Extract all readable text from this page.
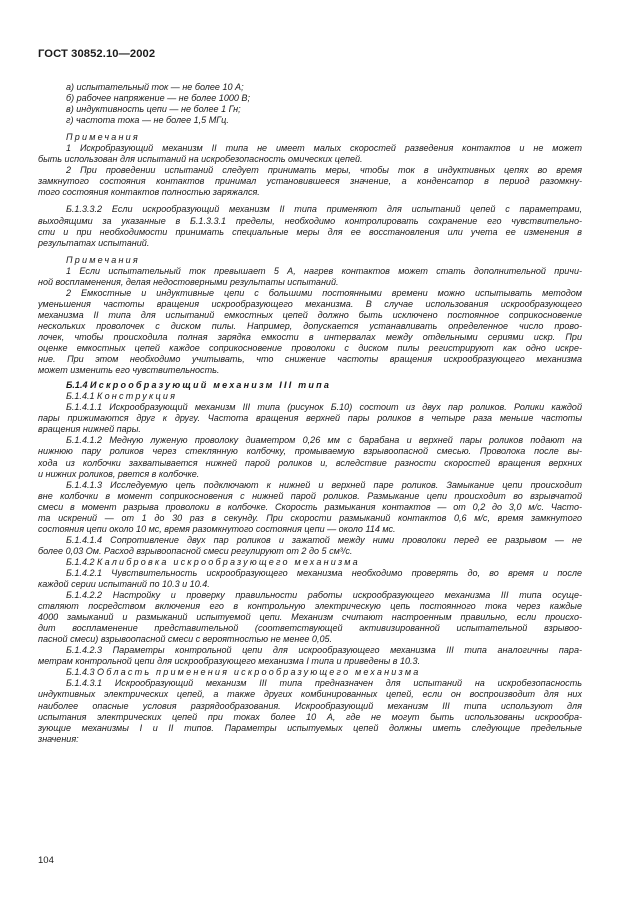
ГОСТ 30852.10—2002
а) испытательный ток — не более 10 А;
б) рабочее напряжение — не более 1000 В;
в) индуктивность цепи — не более 1 Гн;
г) частота тока — не более 1,5 МГц.
Примечания
1 Искробразующий механизм II типа не имеет малых скоростей разведения контактов и не может
быть использован для испытаний на искробезопасность омических цепей.
2 При проведении испытаний следует принимать меры, чтобы ток в индуктивных цепях во время
замкнутого состояния контактов принимал установившееся значение, а конденсатор в период разомкну-
того состояния контактов полностью заряжался.
Б.1.3.3.2 Если искрообразующий механизм II типа применяют для испытаний цепей с параметрами,
выходящими за указанные в Б.1.3.3.1 пределы, необходимо контролировать сохранение его чувствительно-
сти и при необходимости принимать специальные меры для ее восстановления или учета ее изменения в
результатах испытаний.
Примечания
1 Если испытательный ток превышает 5 А, нагрев контактов может стать дополнительной причи-
ной воспламенения, делая недостоверными результаты испытаний.
2 Емкостные и индуктивные цепи с большими постоянными времени можно испытывать методом
уменьшения частоты вращения искрообразующего механизма. В случае использования искрообразующего
механизма II типа для испытаний емкостных цепей должно быть исключено постоянное соприкосновение
нескольких проволочек с диском пилы. Например, допускается устанавливать определенное число прово-
лочек, чтобы происходила полная зарядка емкости в интервалах между отдельными сериями искр. При
оценке емкостных цепей каждое соприкосновение проволоки с диском пилы регистрируют как одно искре-
ние. При этом необходимо учитывать, что снижение частоты вращения искрообразующего механизма
может изменить его чувствительность.
Б.1.4 Искрообразующий механизм III типа
Б.1.4.1 Конструкция
Б.1.4.1.1 Искрообразующий механизм III типа (рисунок Б.10) состоит из двух пар роликов. Ролики каждой
пары прижимаются друг к другу. Частота вращения верхней пары роликов в четыре раза меньше частоты
вращения нижней пары.
Б.1.4.1.2 Медную луженую проволоку диаметром 0,26 мм с барабана и верхней пары роликов подают на
нижнюю пару роликов через стеклянную колбочку, промываемую взрывоопасной смесью. Проволока после вы-
хода из колбочки захватывается нижней парой роликов и, вследствие разности скоростей вращения верхних
и нижних роликов, рвется в колбочке.
Б.1.4.1.3 Исследуемую цепь подключают к нижней и верхней паре роликов. Замыкание цепи происходит
вне колбочки в момент соприкосновения с нижней парой роликов. Размыкание цепи происходит во взрывчатой
смеси в момент разрыва проволоки в колбочке. Скорость размыкания контактов — от 0,2 до 3,0 м/с. Часто-
та искрений — от 1 до 30 раз в секунду. При скорости размыканий контактов 0,6 м/с, время замкнутого
состояния цепи около 10 мс, время разомкнутого состояния цепи — около 114 мс.
Б.1.4.1.4 Сопротивление двух пар роликов и зажатой между ними проволоки перед ее разрывом — не
более 0,03 Ом. Расход взрывоопасной смеси регулируют от 2 до 5 см³/с.
Б.1.4.2 Калибровка искрообразующего механизма
Б.1.4.2.1 Чувствительность искрообразующего механизма необходимо проверять до, во время и после
каждой серии испытаний по 10.3 и 10.4.
Б.1.4.2.2 Настройку и проверку правильности работы искрообразующего механизма III типа осуще-
ствляют посредством включения его в контрольную электрическую цепь постоянного тока через каждые
4000 замыканий и размыканий испытуемой цепи. Механизм считают настроенным правильно, если происхо-
дит воспламенение представительной (соответствующей активизированной испытательной взрывоо-
пасной смеси) взрывоопасной смеси с вероятностью не менее 0,05.
Б.1.4.2.3 Параметры контрольной цепи для искрообразующего механизма III типа аналогичны пара-
метрам контрольной цепи для искрообразующего механизма I типа и приведены в 10.3.
Б.1.4.3 Область применения искрообразующего механизма
Б.1.4.3.1 Искрообразующий механизм III типа предназначен для испытаний на искробезопасность
индуктивных электрических цепей, а также других комбинированных цепей, если он воспроизводит для них
наиболее опасные условия разрядообразования. Искрообразующий механизм III типа используют для
испытания электрических цепей при токах более 10 А, где не могут быть использованы искрообра-
зующие механизмы I и II типов. Параметры испытуемых цепей должны иметь следующие предельные
значения:
104
